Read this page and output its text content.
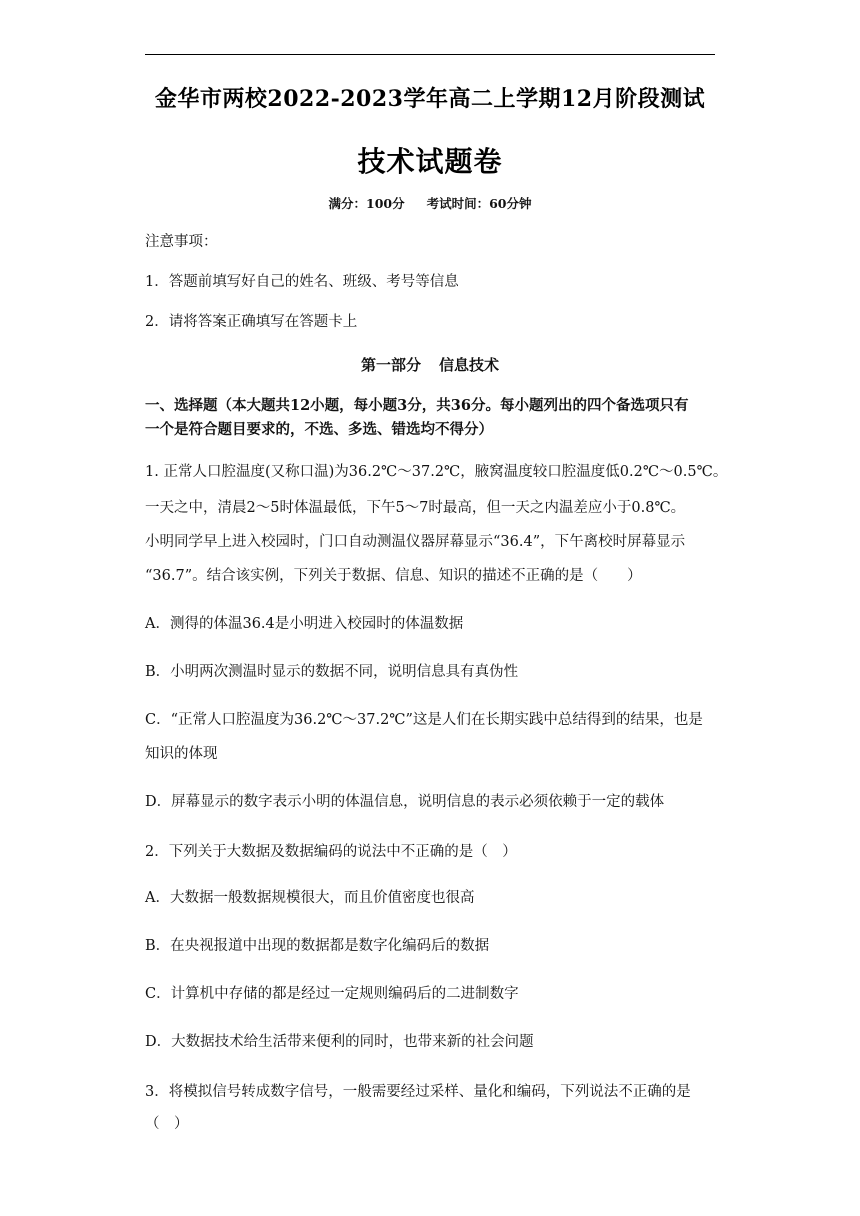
金华市两校2022-2023学年高二上学期12月阶段测试
技术试题卷
满分：100分 考试时间：60分钟
注意事项：
1．答题前填写好自己的姓名、班级、考号等信息
2．请将答案正确填写在答题卡上
第一部分 信息技术
一、选择题（本大题共12小题，每小题3分，共36分。每小题列出的四个备选项只有
一个是符合题目要求的，不选、多选、错选均不得分）
1. 正常人口腔温度(又称口温)为36.2℃～37.2℃，腋窝温度较口腔温度低0.2℃～0.5℃。
一天之中，清晨2～5时体温最低，下午5～7时最高，但一天之内温差应小于0.8℃。
小明同学早上进入校园时，门口自动测温仪器屏幕显示“36.4”，下午离校时屏幕显示
“36.7”。结合该实例，下列关于数据、信息、知识的描述不正确的是（　　）
A．测得的体温36.4是小明进入校园时的体温数据
B．小明两次测温时显示的数据不同，说明信息具有真伪性
C．“正常人口腔温度为36.2℃～37.2℃”这是人们在长期实践中总结得到的结果，也是
知识的体现
D．屏幕显示的数字表示小明的体温信息，说明信息的表示必须依赖于一定的载体
2．下列关于大数据及数据编码的说法中不正确的是（　）
A．大数据一般数据规模很大，而且价值密度也很高
B．在央视报道中出现的数据都是数字化编码后的数据
C．计算机中存储的都是经过一定规则编码后的二进制数字
D．大数据技术给生活带来便利的同时，也带来新的社会问题
3．将模拟信号转成数字信号，一般需要经过采样、量化和编码，下列说法不正确的是
（　）
